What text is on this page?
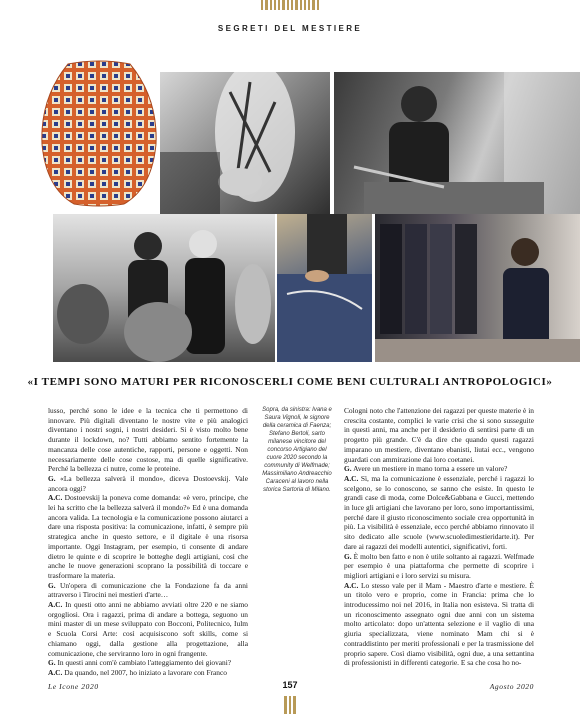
SEGRETI DEL MESTIERE
«I TEMPI SONO MATURI PER RICONOSCERLI COME BENI CULTURALI ANTROPOLOGICI»

lusso, perché sono le idee e la tecnica che ti permettono di innovare. Più digitali diventano le nostre vite e più analogici diventano i nostri sogni, i nostri desideri. Si è visto molto bene durante il lockdown, no? Tutti abbiamo sentito fortemente la mancanza delle cose autentiche, rapporti, persone e oggetti. Non necessariamente delle cose costose, ma di quelle significative. Perché la bellezza ci nutre, come le proteine.

G. «La bellezza salverà il mondo», diceva Dostoevskij. Vale ancora oggi?

A.C. Dostoevskij la poneva come domanda: «è vero, principe, che lei ha scritto che la bellezza salverà il mondo?» Ed è una domanda ancora valida. La tecnologia e la comunicazione possono aiutarci a dare una risposta positiva: la comunicazione, infatti, è sempre più strategica anche in questo settore, e il digitale è una risorsa importante. Oggi Instagram, per esempio, ti consente di andare dietro le quinte e di scoprire le botteghe degli artigiani, così che anche le nuove generazioni scoprano la possibilità di toccare e trasformare la materia.

G. Un'opera di comunicazione che la Fondazione fa da anni attraverso i Tirocini nei mestieri d'arte…

A.C. In questi otto anni ne abbiamo avviati oltre 220 e ne siamo orgogliosi. Ora i ragazzi, prima di andare a bottega, seguono un mini master di un mese sviluppato con Bocconi, Politecnico, Iulm e Scuola Corsi Arte: così acquisiscono soft skills, come si chiamano oggi, dalla gestione alla progettazione, alla comunicazione, che serviranno loro in ogni frangente.

G. In questi anni com'è cambiato l'atteggiamento dei giovani?

A.C. Da quando, nel 2007, ho iniziato a lavorare con Franco

Sopra, da sinistra: Ivana e Saura Vignoli, le signore della ceramica di Faenza; Stefano Bertoli, sarto milanese vincitore del concorso Artigiano del cuore 2020 secondo la community di Welfmade; Massimiliano Andreacchio Caraceni al lavoro nella storica Sartoria di Milano.

Cologni noto che l'attenzione dei ragazzi per queste materie è in crescita costante, complici le varie crisi che si sono susseguite in questi anni, ma anche per il desiderio di sentirsi parte di un progetto più grande. C'è da dire che quando questi ragazzi imparano un mestiere, diventano ebanisti, liutai ecc., vengono guardati con ammirazione dai loro coetanei.

G. Avere un mestiere in mano torna a essere un valore?

A.C. Sì, ma la comunicazione è essenziale, perché i ragazzi lo scelgono, se lo conoscono, se sanno che esiste. In questo le grandi case di moda, come Dolce&Gabbana e Gucci, mettendo in luce gli artigiani che lavorano per loro, sono importantissimi, perché dare il giusto riconoscimento sociale crea opportunità in più. La visibilità è essenziale, ecco perché abbiamo rinnovato il sito dedicato alle scuole (www.scuoledimestieridarte.it). Per dare ai ragazzi dei modelli autentici, significativi, forti.

G. È molto ben fatto e non è utile soltanto ai ragazzi. Welfmade per esempio è una piattaforma che permette di scoprire i migliori artigiani e i loro servizi su misura.

A.C. Lo stesso vale per il Mam - Maestro d'arte e mestiere. È un titolo vero e proprio, come in Francia: prima che lo introducessimo noi nel 2016, in Italia non esisteva. Si tratta di un riconoscimento assegnato ogni due anni con un sistema molto articolato: dopo un'attenta selezione e il vaglio di una giuria specializzata, viene nominato Mam chi si è contraddistinto per meriti professionali e per la trasmissione del proprio sapere. Così diamo visibilità, ogni due, a una settantina di professionisti in differenti categorie. E sa che cosa ho no-

Le Icone 2020	157	Agosto 2020
